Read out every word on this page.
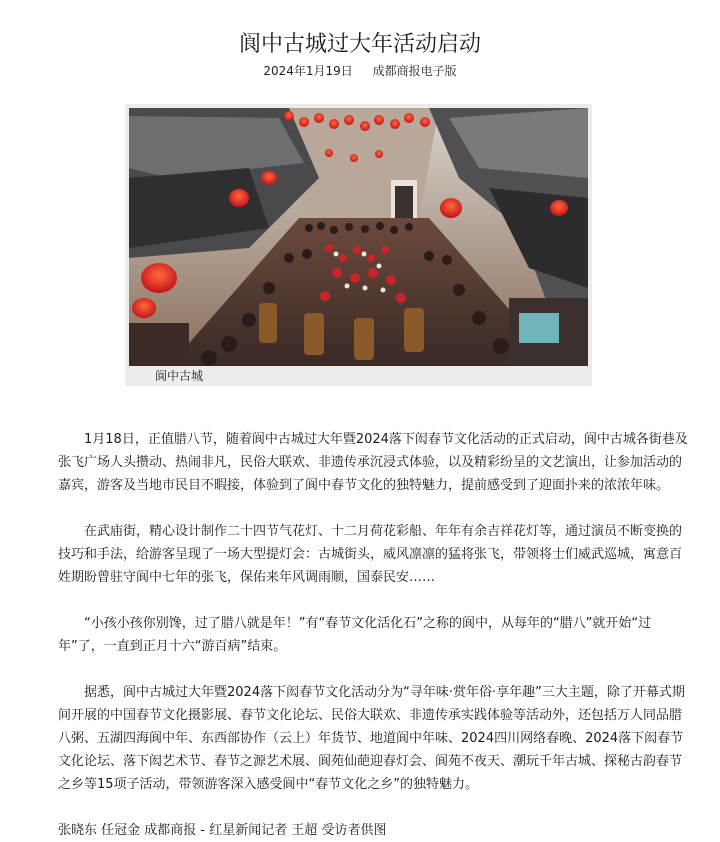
阆中古城过大年活动启动
2024年1月19日 成都商报电子版
阆中古城

1月18日，正值腊八节，随着阆中古城过大年暨2024落下闳春节文化活动的正式启动，阆中古城各街巷及张飞广场人头攒动、热闹非凡，民俗大联欢、非遗传承沉浸式体验，以及精彩纷呈的文艺演出，让参加活动的嘉宾，游客及当地市民目不暇接，体验到了阆中春节文化的独特魅力，提前感受到了迎面扑来的浓浓年味。

在武庙街，精心设计制作二十四节气花灯、十二月荷花彩船、年年有余吉祥花灯等，通过演员不断变换的技巧和手法，给游客呈现了一场大型提灯会：古城街头，威风凛凛的猛将张飞，带领将士们威武巡城，寓意百姓期盼曾驻守阆中七年的张飞，保佑来年风调雨顺，国泰民安……

“小孩小孩你别馋，过了腊八就是年！”有“春节文化活化石”之称的阆中，从每年的“腊八”就开始“过年”了，一直到正月十六“游百病”结束。

据悉，阆中古城过大年暨2024落下闳春节文化活动分为“寻年味·赏年俗·享年趣”三大主题，除了开幕式期间开展的中国春节文化摄影展、春节文化论坛、民俗大联欢、非遗传承实践体验等活动外，还包括万人同品腊八粥、五湖四海阆中年、东西部协作（云上）年货节、地道阆中年味、2024四川网络春晚、2024落下闳春节文化论坛、落下闳艺术节、春节之源艺术展、阆苑仙葩迎春灯会、阆苑不夜天、潮玩千年古城、探秘古韵春节之乡等15项子活动，带领游客深入感受阆中“春节文化之乡”的独特魅力。

张晓东 任冠金 成都商报 - 红星新闻记者 王超 受访者供图
